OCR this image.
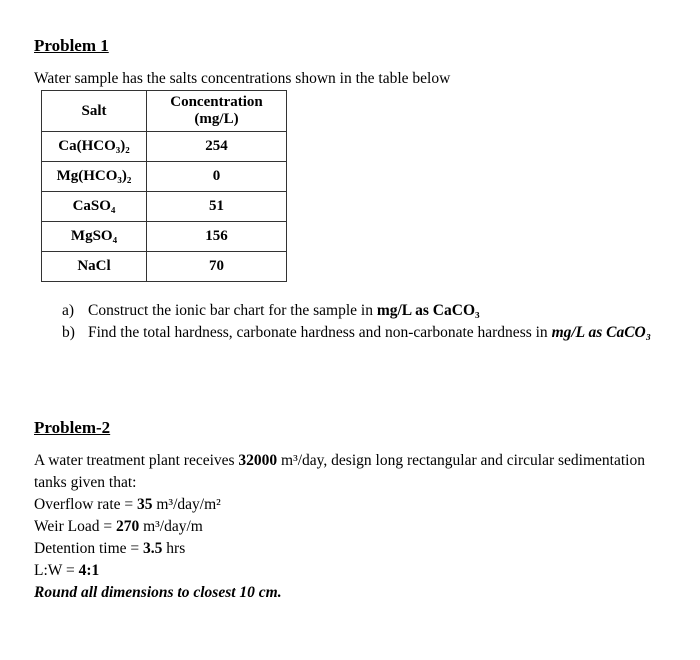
Problem 1
Water sample has the salts concentrations shown in the table below
Salt	Concentration
(mg/L)

Ca(HCO₃)₂	254
Mg(HCO₃)₂	0
CaSO₄	51
MgSO₄	156
NaCl	70
a) Construct the ionic bar chart for the sample in mg/L as CaCO₃
b) Find the total hardness, carbonate hardness and non-carbonate hardness in mg/L as CaCO₃
Problem-2
A water treatment plant receives 32000 m³/day, design long rectangular and circular sedimentation
tanks given that:
Overflow rate = 35 m³/day/m²
Weir Load = 270 m³/day/m
Detention time = 3.5 hrs
L:W = 4:1
Round all dimensions to closest 10 cm.
